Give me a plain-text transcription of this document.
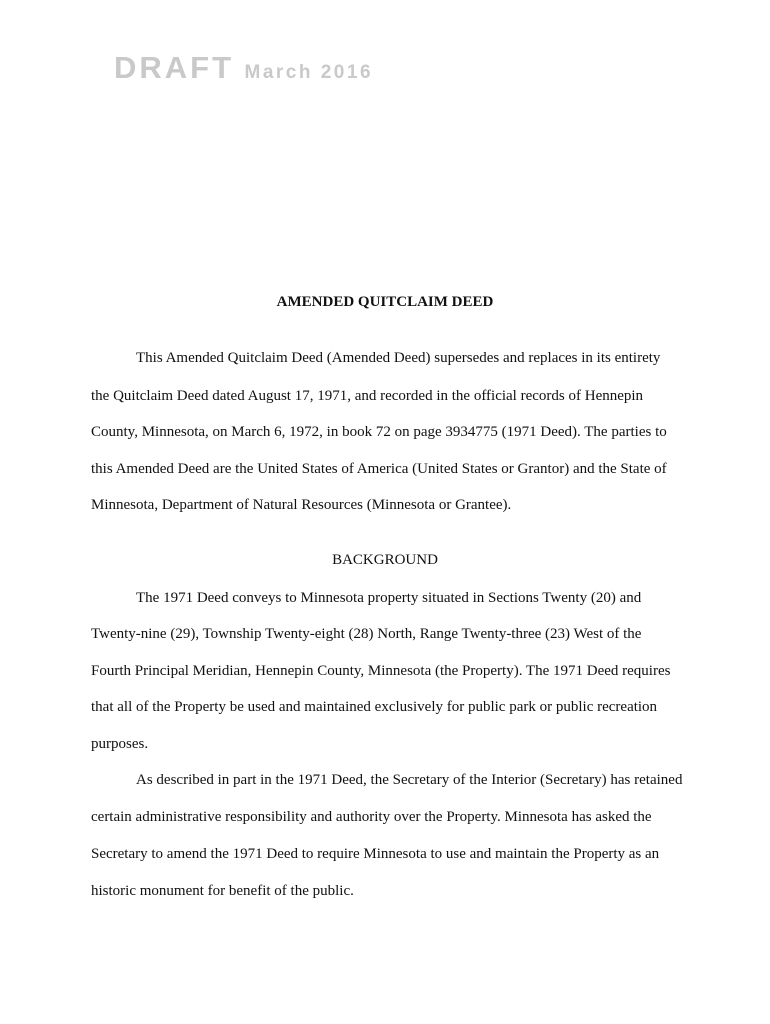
DRAFT March 2016

AMENDED QUITCLAIM DEED

This Amended Quitclaim Deed (Amended Deed) supersedes and replaces in its entirety

the Quitclaim Deed dated August 17, 1971, and recorded in the official records of Hennepin

County, Minnesota, on March 6, 1972, in book 72 on page 3934775 (1971 Deed). The parties to

this Amended Deed are the United States of America (United States or Grantor) and the State of

Minnesota, Department of Natural Resources (Minnesota or Grantee).

BACKGROUND

The 1971 Deed conveys to Minnesota property situated in Sections Twenty (20) and

Twenty-nine (29), Township Twenty-eight (28) North, Range Twenty-three (23) West of the

Fourth Principal Meridian, Hennepin County, Minnesota (the Property). The 1971 Deed requires

that all of the Property be used and maintained exclusively for public park or public recreation

purposes.

As described in part in the 1971 Deed, the Secretary of the Interior (Secretary) has retained

certain administrative responsibility and authority over the Property. Minnesota has asked the

Secretary to amend the 1971 Deed to require Minnesota to use and maintain the Property as an

historic monument for benefit of the public.
